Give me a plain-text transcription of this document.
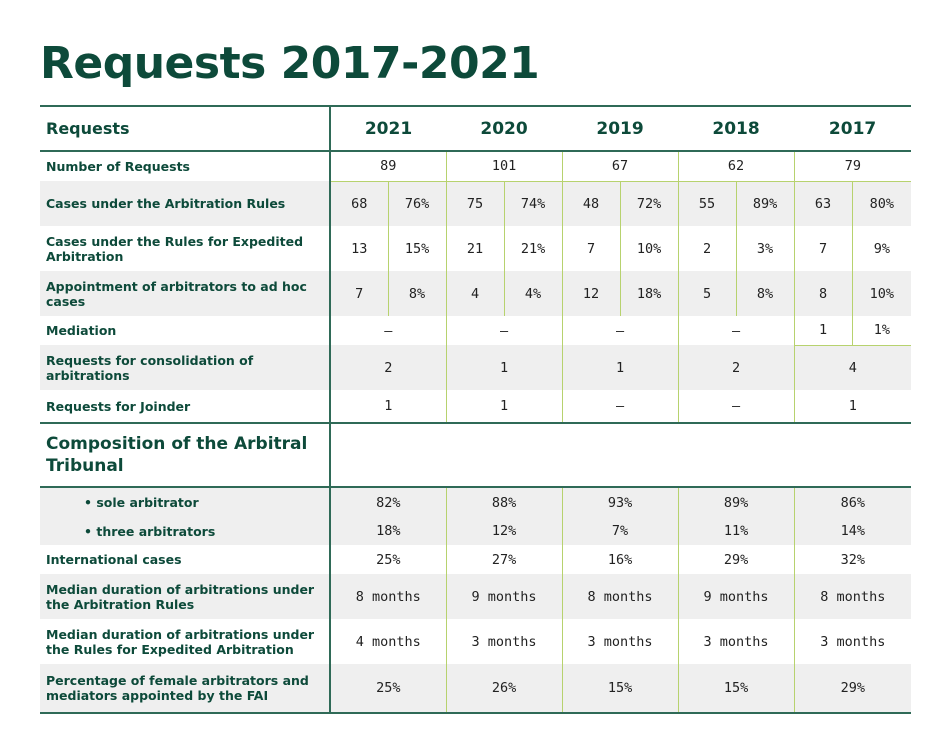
Requests 2017-2021
Requests	2021		2020		2019		2018		2017	
Number of Requests	89		101		67		62		79	
Cases under the Arbitration Rules	68	76%	75	74%	48	72%	55	89%	63	80%
Cases under the Rules for Expedited Arbitration	13	15%	21	21%	7	10%	2	3%	7	9%
Appointment of arbitrators to ad hoc cases	7	8%	4	4%	12	18%	5	8%	8	10%
Mediation	–		–		–		–		1	1%
Requests for consolidation of arbitrations	2		1		1		2		4	
Requests for Joinder	1		1		–		–		1	
Composition of the Arbitral Tribunal										
• sole arbitrator	82%		88%		93%		89%		86%	
• three arbitrators	18%		12%		7%		11%		14%	
International cases	25%		27%		16%		29%		32%	
Median duration of arbitrations under the Arbitration Rules	8 months		9 months		8 months		9 months		8 months	
Median duration of arbitrations under the Rules for Expedited Arbitration	4 months		3 months		3 months		3 months		3 months	
Percentage of female arbitrators and mediators appointed by the FAI	25%		26%		15%		15%		29%	
